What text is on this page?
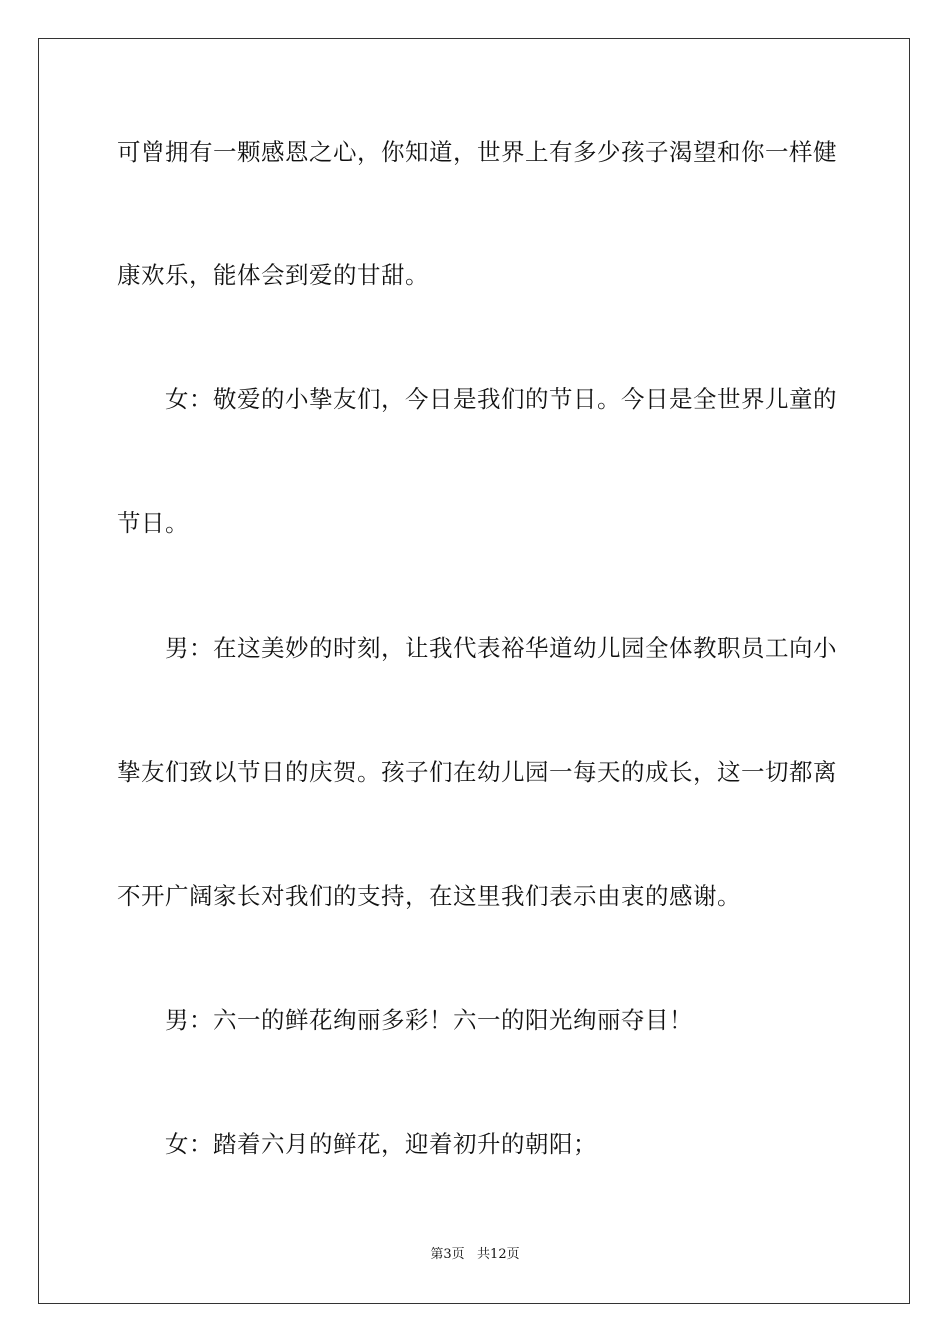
可曾拥有一颗感恩之心，你知道，世界上有多少孩子渴望和你一样健
康欢乐，能体会到爱的甘甜。
女：敬爱的小挚友们，今日是我们的节日。今日是全世界儿童的
节日。
男：在这美妙的时刻，让我代表裕华道幼儿园全体教职员工向小
挚友们致以节日的庆贺。孩子们在幼儿园一每天的成长，这一切都离
不开广阔家长对我们的支持，在这里我们表示由衷的感谢。
男：六一的鲜花绚丽多彩！六一的阳光绚丽夺目！
女：踏着六月的鲜花，迎着初升的朝阳；
第3页   共12页
